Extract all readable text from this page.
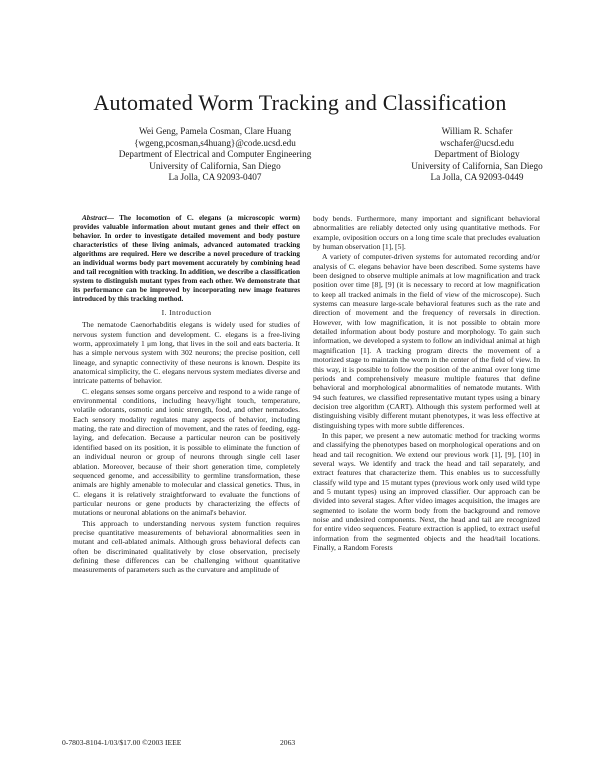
Automated Worm Tracking and Classification
Wei Geng, Pamela Cosman, Clare Huang
{wgeng,pcosman,s4huang}@code.ucsd.edu
Department of Electrical and Computer Engineering
University of California, San Diego
La Jolla, CA 92093-0407
William R. Schafer
wschafer@ucsd.edu
Department of Biology
University of California, San Diego
La Jolla, CA 92093-0449

Abstract— The locomotion of C. elegans (a microscopic worm) provides valuable information about mutant genes and their effect on behavior. In order to investigate detailed movement and body posture characteristics of these living animals, advanced automated tracking algorithms are required. Here we describe a novel procedure of tracking an individual worms body part movement accurately by combining head and tail recognition with tracking. In addition, we describe a classification system to distinguish mutant types from each other. We demonstrate that its performance can be improved by incorporating new image features introduced by this tracking method.

I. Introduction

The nematode Caenorhabditis elegans is widely used for studies of nervous system function and development. C. elegans is a free-living worm, approximately 1 μm long, that lives in the soil and eats bacteria. It has a simple nervous system with 302 neurons; the precise position, cell lineage, and synaptic connectivity of these neurons is known. Despite its anatomical simplicity, the C. elegans nervous system mediates diverse and intricate patterns of behavior.

C. elegans senses some organs perceive and respond to a wide range of environmental conditions, including heavy/light touch, temperature, volatile odorants, osmotic and ionic strength, food, and other nematodes. Each sensory modality regulates many aspects of behavior, including mating, the rate and direction of movement, and the rates of feeding, egg-laying, and defecation. Because a particular neuron can be positively identified based on its position, it is possible to eliminate the function of an individual neuron or group of neurons through single cell laser ablation. Moreover, because of their short generation time, completely sequenced genome, and accessibility to germline transformation, these animals are highly amenable to molecular and classical genetics. Thus, in C. elegans it is relatively straightforward to evaluate the functions of particular neurons or gene products by characterizing the effects of mutations or neuronal ablations on the animal's behavior.

This approach to understanding nervous system function requires precise quantitative measurements of behavioral abnormalities seen in mutant and cell-ablated animals. Although gross behavioral defects can often be discriminated qualitatively by close observation, precisely defining these differences can be challenging without quantitative measurements of parameters such as the curvature and amplitude of

body bends. Furthermore, many important and significant behavioral abnormalities are reliably detected only using quantitative methods. For example, oviposition occurs on a long time scale that precludes evaluation by human observation [1], [5].

A variety of computer-driven systems for automated recording and/or analysis of C. elegans behavior have been described. Some systems have been designed to observe multiple animals at low magnification and track position over time [8], [9] (it is necessary to record at low magnification to keep all tracked animals in the field of view of the microscope). Such systems can measure large-scale behavioral features such as the rate and direction of movement and the frequency of reversals in direction. However, with low magnification, it is not possible to obtain more detailed information about body posture and morphology. To gain such information, we developed a system to follow an individual animal at high magnification [1]. A tracking program directs the movement of a motorized stage to maintain the worm in the center of the field of view. In this way, it is possible to follow the position of the animal over long time periods and comprehensively measure multiple features that define behavioral and morphological abnormalities of nematode mutants. With 94 such features, we classified representative mutant types using a binary decision tree algorithm (CART). Although this system performed well at distinguishing visibly different mutant phenotypes, it was less effective at distinguishing types with more subtle differences.

In this paper, we present a new automatic method for tracking worms and classifying the phenotypes based on morphological operations and on head and tail recognition. We extend our previous work [1], [9], [10] in several ways. We identify and track the head and tail separately, and extract features that characterize them. This enables us to successfully classify wild type and 15 mutant types (previous work only used wild type and 5 mutant types) using an improved classifier. Our approach can be divided into several stages. After video images acquisition, the images are segmented to isolate the worm body from the background and remove noise and undesired components. Next, the head and tail are recognized for entire video sequences. Feature extraction is applied, to extract useful information from the segmented objects and the head/tail locations. Finally, a Random Forests

0-7803-8104-1/03/$17.00 ©2003 IEEE	2063
